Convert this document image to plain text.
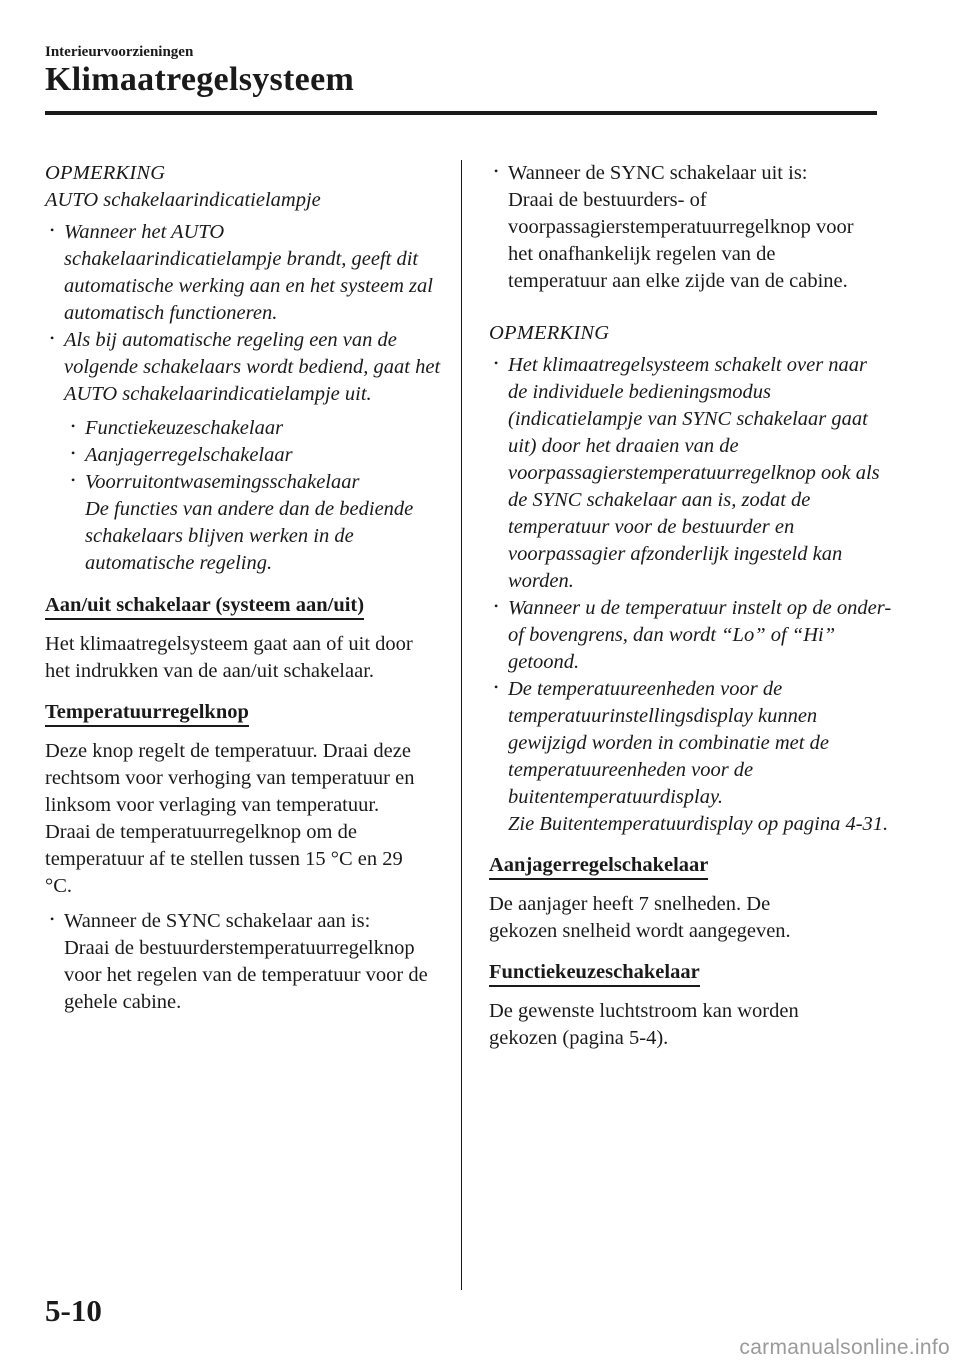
Interieurvoorzieningen
Klimaatregelsysteem

OPMERKING

AUTO schakelaarindicatielampje

• Wanneer het AUTO schakelaarindicatielampje brandt, geeft dit automatische werking aan en het systeem zal automatisch functioneren.

• Als bij automatische regeling een van de volgende schakelaars wordt bediend, gaat het AUTO schakelaarindicatielampje uit.

• Functiekeuzeschakelaar

• Aanjagerregelschakelaar

• Voorruitontwasemingsschakelaar

De functies van andere dan de bediende schakelaars blijven werken in de automatische regeling.

Aan/uit schakelaar (systeem aan/uit)

Het klimaatregelsysteem gaat aan of uit door het indrukken van de aan/uit schakelaar.

Temperatuurregelknop

Deze knop regelt de temperatuur. Draai deze rechtsom voor verhoging van temperatuur en linksom voor verlaging van temperatuur.

Draai de temperatuurregelknop om de temperatuur af te stellen tussen 15 °C en 29 °C.

• Wanneer de SYNC schakelaar aan is:

Draai de bestuurderstemperatuurregelknop voor het regelen van de temperatuur voor de gehele cabine.

• Wanneer de SYNC schakelaar uit is:

Draai de bestuurders- of voorpassagierstemperatuurregelknop voor het onafhankelijk regelen van de temperatuur aan elke zijde van de cabine.

OPMERKING

• Het klimaatregelsysteem schakelt over naar de individuele bedieningsmodus (indicatielampje van SYNC schakelaar gaat uit) door het draaien van de voorpassagierstemperatuurregelknop ook als de SYNC schakelaar aan is, zodat de temperatuur voor de bestuurder en voorpassagier afzonderlijk ingesteld kan worden.

• Wanneer u de temperatuur instelt op de onder- of bovengrens, dan wordt “Lo” of “Hi” getoond.

• De temperatuureenheden voor de temperatuurinstellingsdisplay kunnen gewijzigd worden in combinatie met de temperatuureenheden voor de buitentemperatuurdisplay.

Zie Buitentemperatuurdisplay op pagina 4-31.

Aanjagerregelschakelaar

De aanjager heeft 7 snelheden. De gekozen snelheid wordt aangegeven.

Functiekeuzeschakelaar

De gewenste luchtstroom kan worden gekozen (pagina 5-4).

5-10
carmanualsonline.info
